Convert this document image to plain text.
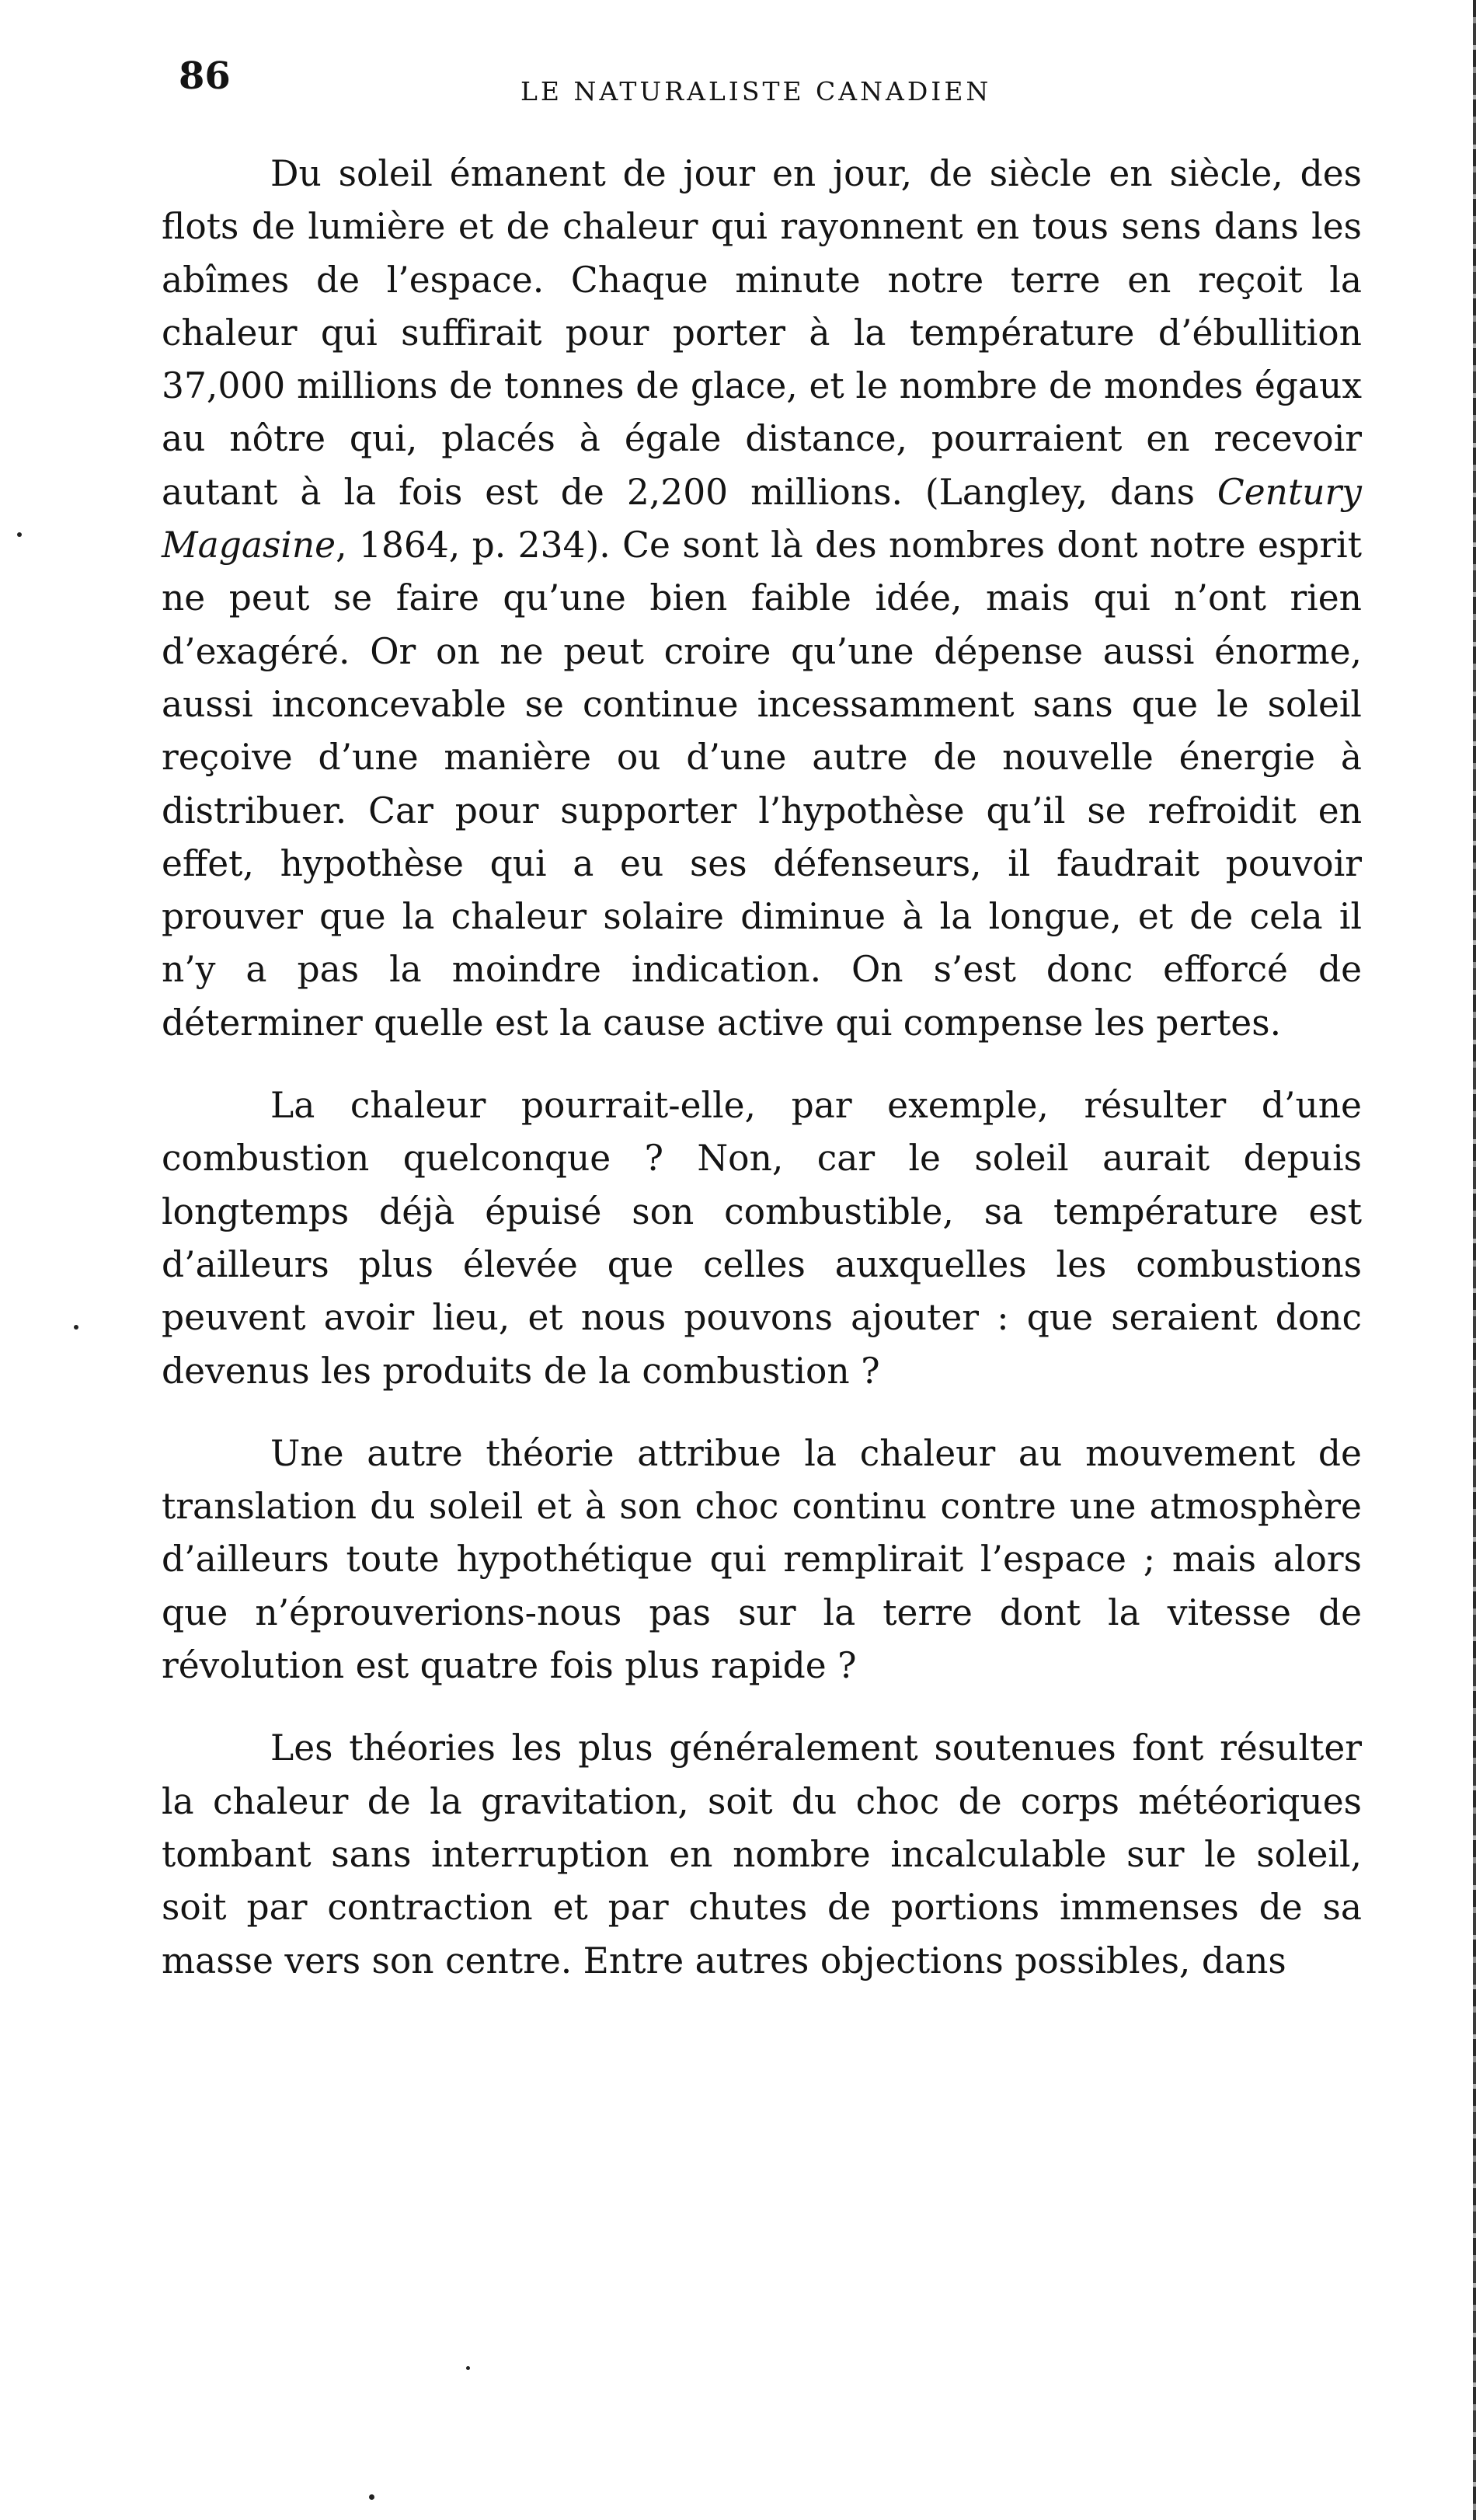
86	LE NATURALISTE CANADIEN

Du soleil émanent de jour en jour, de siècle en siècle, des flots de lumière et de chaleur qui rayonnent en tous sens dans les abîmes de l’espace. Chaque minute notre terre en reçoit la chaleur qui suffirait pour porter à la température d’ébullition 37,000 millions de tonnes de glace, et le nombre de mondes égaux au nôtre qui, placés à égale distance, pourraient en recevoir autant à la fois est de 2,200 millions. (Langley, dans Century Magasine, 1864, p. 234). Ce sont là des nombres dont notre esprit ne peut se faire qu’une bien faible idée, mais qui n’ont rien d’exagéré. Or on ne peut croire qu’une dépense aussi énorme, aussi inconcevable se continue incessamment sans que le soleil reçoive d’une manière ou d’une autre de nouvelle énergie à distribuer. Car pour supporter l’hypothèse qu’il se refroidit en effet, hypothèse qui a eu ses défenseurs, il faudrait pouvoir prouver que la chaleur solaire diminue à la longue, et de cela il n’y a pas la moindre indication. On s’est donc efforcé de déterminer quelle est la cause active qui compense les pertes.

La chaleur pourrait-elle, par exemple, résulter d’une combustion quelconque ? Non, car le soleil aurait depuis longtemps déjà épuisé son combustible, sa température est d’ailleurs plus élevée que celles auxquelles les combustions peuvent avoir lieu, et nous pouvons ajouter : que seraient donc devenus les produits de la combustion ?

Une autre théorie attribue la chaleur au mouvement de translation du soleil et à son choc continu contre une atmosphère d’ailleurs toute hypothétique qui remplirait l’espace ; mais alors que n’éprouverions-nous pas sur la terre dont la vitesse de révolution est quatre fois plus rapide ?

Les théories les plus généralement soutenues font résulter la chaleur de la gravitation, soit du choc de corps météoriques tombant sans interruption en nombre incalculable sur le soleil, soit par contraction et par chutes de portions immenses de sa masse vers son centre. Entre autres objections possibles, dans
